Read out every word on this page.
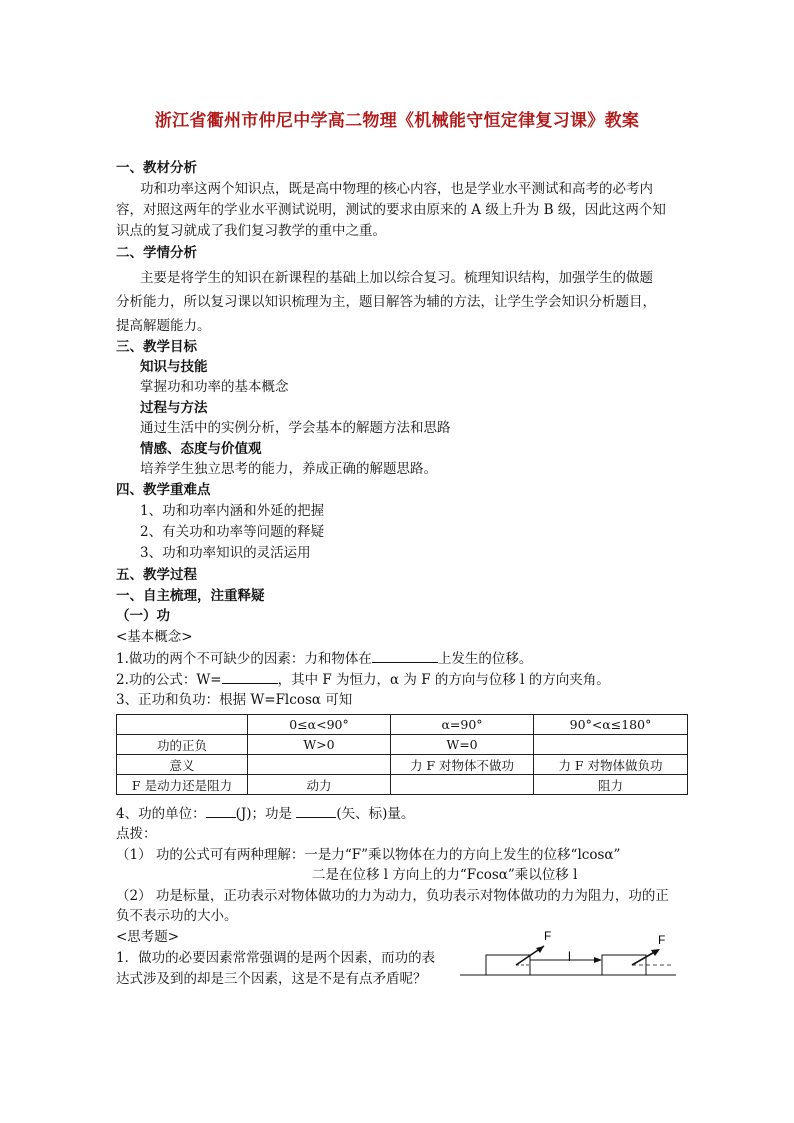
浙江省衢州市仲尼中学高二物理《机械能守恒定律复习课》教案
一、教材分析
功和功率这两个知识点，既是高中物理的核心内容，也是学业水平测试和高考的必考内
容，对照这两年的学业水平测试说明，测试的要求由原来的 A 级上升为 B 级，因此这两个知
识点的复习就成了我们复习教学的重中之重。
二、学情分析
主要是将学生的知识在新课程的基础上加以综合复习。梳理知识结构，加强学生的做题
分析能力，所以复习课以知识梳理为主，题目解答为辅的方法，让学生学会知识分析题目，
提高解题能力。
三、教学目标
知识与技能
掌握功和功率的基本概念
过程与方法
通过生活中的实例分析，学会基本的解题方法和思路
情感、态度与价值观
培养学生独立思考的能力，养成正确的解题思路。
四、教学重难点
1、功和功率内涵和外延的把握
2、有关功和功率等问题的释疑
3、功和功率知识的灵活运用
五、教学过程
一、自主梳理，注重释疑
（一）功
<基本概念>
1.做功的两个不可缺少的因素：力和物体在	上发生的位移。
2.功的公式：W=	，其中 F 为恒力，α 为 F 的方向与位移 l 的方向夹角。
3、正功和负功：根据 W=Flcosα 可知
	0≤α<90°	α=90°	90°<α≤180°
功的正负	W>0	W=0	
意义		力 F 对物体不做功	力 F 对物体做负功
F 是动力还是阻力	动力		阻力
4、功的单位： (J)；功是	(矢、标)量。
点拨：
（1） 功的公式可有两种理解：一是力“F”乘以物体在力的方向上发生的位移“lcosα”
二是在位移 l 方向上的力“Fcosα”乘以位移 l
（2） 功是标量，正功表示对物体做功的力为动力，负功表示对物体做功的力为阻力，功的正
负不表示功的大小。
<思考题>
1．做功的必要因素常常强调的是两个因素，而功的表
达式涉及到的却是三个因素，这是不是有点矛盾呢？
F
l
F
